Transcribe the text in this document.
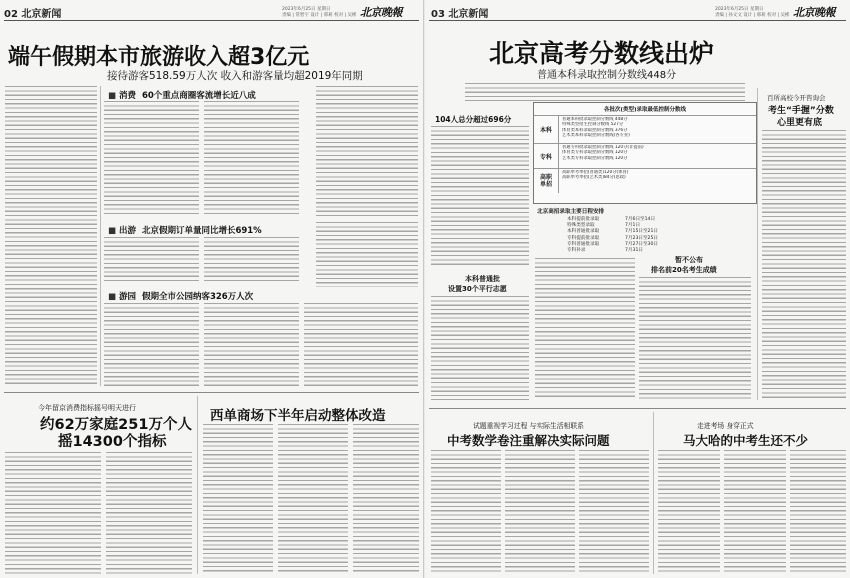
02 北京新闻	2023年6月25日 星期日
责编 | 常智宇 设计 | 邢莉 校对 | 吴彬 北京晚報
端午假期本市旅游收入超3亿元
接待游客518.59万人次 收入和游客量均超2019年同期
■ 消费 60个重点商圈客流增长近八成
■ 出游 北京假期订单量同比增长691%
■ 游园 假期全市公园纳客326万人次
今年留京消费指标摇号明天进行
约62万家庭251万个人
摇14300个指标
西单商场下半年启动整体改造
03 北京新闻	2023年6月25日 星期日
责编 | 孙文文 设计 | 邢莉 校对 | 吴彬 北京晚報
北京高考分数线出炉
普通本科录取控制分数线448分
104人总分超过696分
本科普通批
设置30个平行志愿
各批次(类型)录取最低控制分数线
本科
普通本科批录取控制分数线 448分
特殊类型招生控制分数线 527分
体育类本科录取控制分数线 376分
艺术类本科录取控制分数线(各专业)
专科
普通专科批录取控制分数线 120分(非提前)
体育类专科录取控制分数线 120分
艺术类专科录取控制分数线 120分
高职
单招
高职单考单招(普通类)120分(体育)
高职单考单招(艺术类)84分(思政)
北京高招录取主要日程安排
本科提前批录取	7月6日至14日
特殊类型录取	7月1日
本科普通批录取	7月15日至21日
专科提前批录取	7月23日至25日
专科普通批录取	7月27日至30日
专科补录	7月31日
暂不公布
排名前20名考生成绩
百所高校今开咨询会
考生“手握”分数
心里更有底
试题重视学习过程 与实际生活相联系
中考数学卷注重解决实际问题
走进考场 身穿正式
马大哈的中考生还不少
